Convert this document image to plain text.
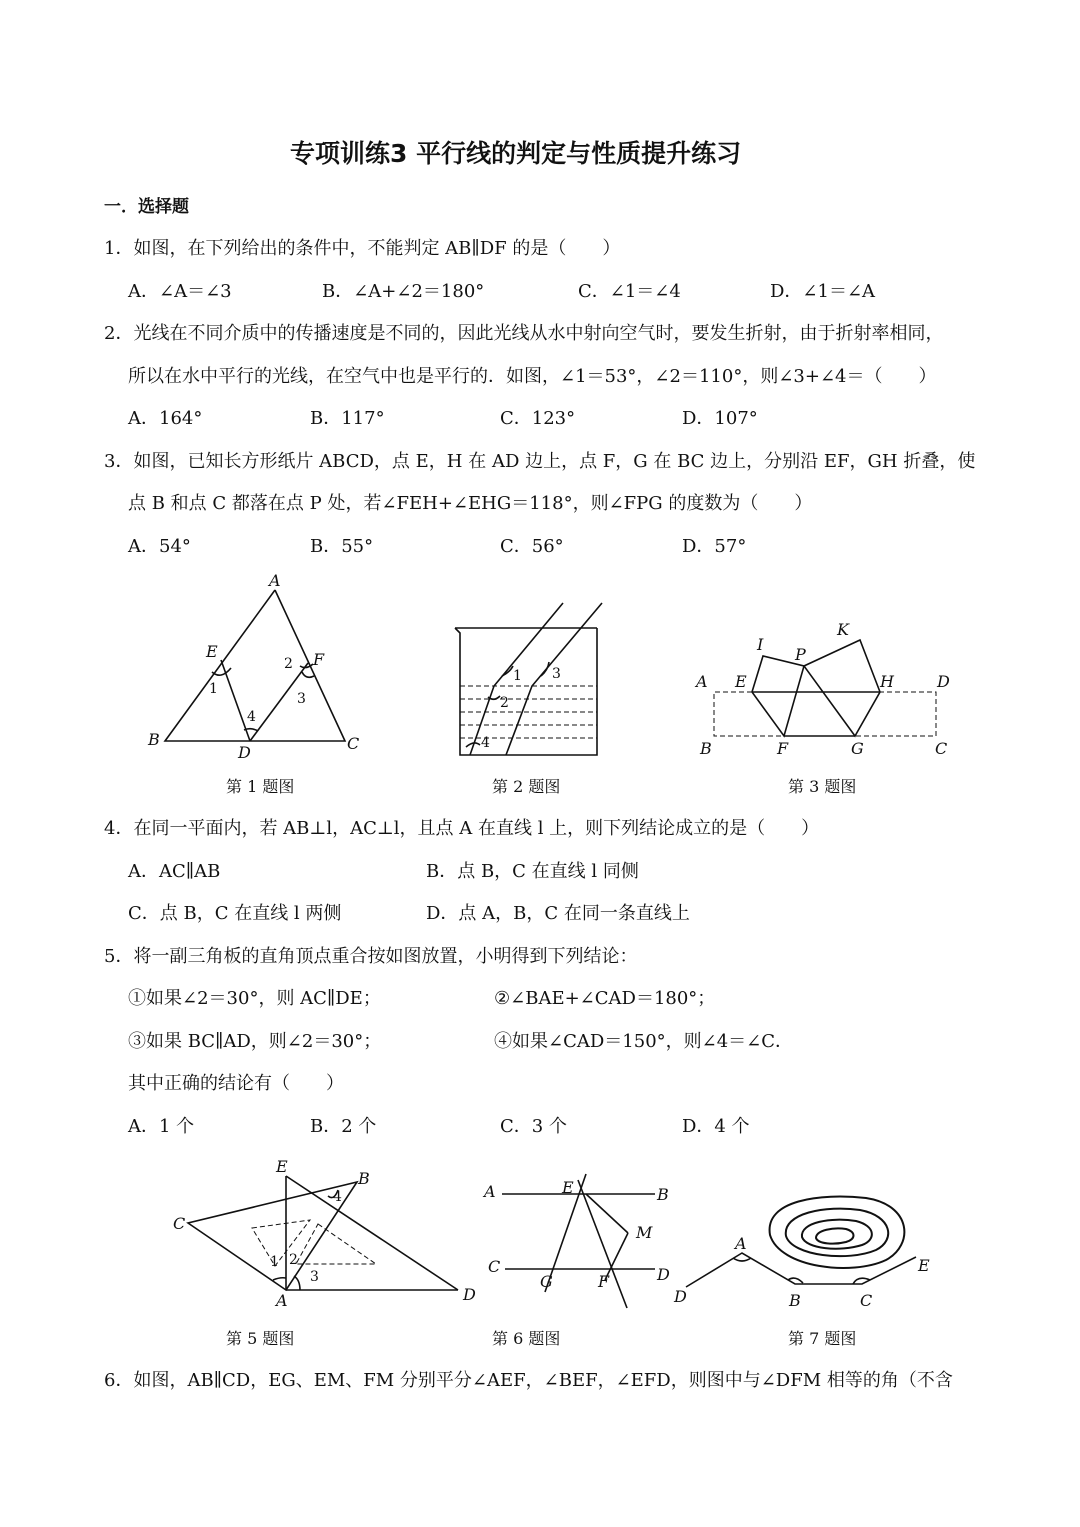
专项训练3 平行线的判定与性质提升练习
一．选择题
1．如图，在下列给出的条件中，不能判定 AB∥DF 的是（　　）
A．∠A＝∠3	B．∠A+∠2＝180°	C．∠1＝∠4	D．∠1＝∠A
2．光线在不同介质中的传播速度是不同的，因此光线从水中射向空气时，要发生折射，由于折射率相同，
所以在水中平行的光线，在空气中也是平行的．如图，∠1＝53°，∠2＝110°，则∠3+∠4＝（　　）
A．164°	B．117°	C．123°	D．107°
3．如图，已知长方形纸片 ABCD，点 E，H 在 AD 边上，点 F，G 在 BC 边上，分别沿 EF，GH 折叠，使
点 B 和点 C 都落在点 P 处，若∠FEH+∠EHG＝118°，则∠FPG 的度数为（　　）
A．54°	B．55°	C．56°	D．57°
A
B	C
D
E	F
1
2
3
4
1
2
3
4
A
B	C
D
E
F	G
H
I
K
P
第 1 题图	第 2 题图	第 3 题图
4．在同一平面内，若 AB⊥l，AC⊥l，且点 A 在直线 l 上，则下列结论成立的是（　　）
A．AC∥AB	B．点 B，C 在直线 l 同侧
C．点 B，C 在直线 l 两侧	D．点 A，B，C 在同一条直线上
5．将一副三角板的直角顶点重合按如图放置，小明得到下列结论：
①如果∠2＝30°，则 AC∥DE；	②∠BAE+∠CAD＝180°；
③如果 BC∥AD，则∠2＝30°；	④如果∠CAD＝150°，则∠4＝∠C．
其中正确的结论有（　　）
A．1 个	B．2 个	C．3 个	D．4 个
A
B
C
D
E
1 2
3
4	A	B
C	D
E
F
G
M
A
B	C
D
E
第 5 题图	第 6 题图	第 7 题图
6．如图，AB∥CD，EG、EM、FM 分别平分∠AEF，∠BEF，∠EFD，则图中与∠DFM 相等的角（不含
